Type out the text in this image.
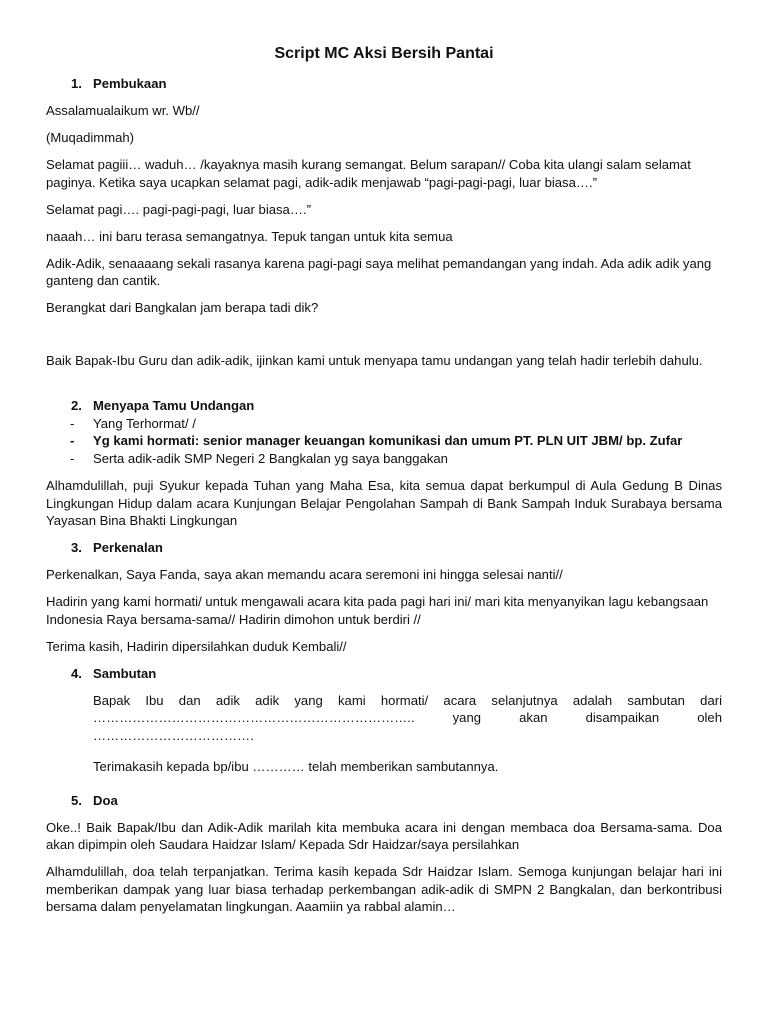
Script MC Aksi Bersih Pantai
1. Pembukaan

Assalamualaikum wr. Wb//

(Muqadimmah)

Selamat pagiii… waduh… /kayaknya masih kurang semangat. Belum sarapan// Coba kita ulangi salam selamat paginya. Ketika saya ucapkan selamat pagi, adik-adik menjawab “pagi-pagi-pagi, luar biasa….”

Selamat pagi…. pagi-pagi-pagi, luar biasa….”

naaah… ini baru terasa semangatnya. Tepuk tangan untuk kita semua

Adik-Adik, senaaaang sekali rasanya karena pagi-pagi saya melihat pemandangan yang indah. Ada adik adik yang ganteng dan cantik.

Berangkat dari Bangkalan jam berapa tadi dik?

Baik Bapak-Ibu Guru dan adik-adik, ijinkan kami untuk menyapa tamu undangan yang telah hadir terlebih dahulu.

2. Menyapa Tamu Undangan
-	Yang Terhormat/ /
-	Yg kami hormati: senior manager keuangan komunikasi dan umum PT. PLN UIT JBM/ bp. Zufar
-	Serta adik-adik SMP Negeri 2 Bangkalan yg saya banggakan

Alhamdulillah, puji Syukur kepada Tuhan yang Maha Esa, kita semua dapat berkumpul di Aula Gedung B Dinas Lingkungan Hidup dalam acara Kunjungan Belajar Pengolahan Sampah di Bank Sampah Induk Surabaya bersama Yayasan Bina Bhakti Lingkungan

3. Perkenalan

Perkenalkan, Saya Fanda, saya akan memandu acara seremoni ini hingga selesai nanti//

Hadirin yang kami hormati/ untuk mengawali acara kita pada pagi hari ini/ mari kita menyanyikan lagu kebangsaan Indonesia Raya bersama-sama// Hadirin dimohon untuk berdiri //

Terima kasih, Hadirin dipersilahkan duduk Kembali//

4. Sambutan

Bapak Ibu dan adik adik yang kami hormati/ acara selanjutnya adalah sambutan dari ……………………………………………………………….. yang akan disampaikan oleh ……………………………….

Terimakasih kepada bp/ibu ………… telah memberikan sambutannya.

5. Doa

Oke..! Baik Bapak/Ibu dan Adik-Adik marilah kita membuka acara ini dengan membaca doa Bersama-sama. Doa akan dipimpin oleh Saudara Haidzar Islam/ Kepada Sdr Haidzar/saya persilahkan

Alhamdulillah, doa telah terpanjatkan. Terima kasih kepada Sdr Haidzar Islam. Semoga kunjungan belajar hari ini memberikan dampak yang luar biasa terhadap perkembangan adik-adik di SMPN 2 Bangkalan, dan berkontribusi bersama dalam penyelamatan lingkungan. Aaamiin ya rabbal alamin…
